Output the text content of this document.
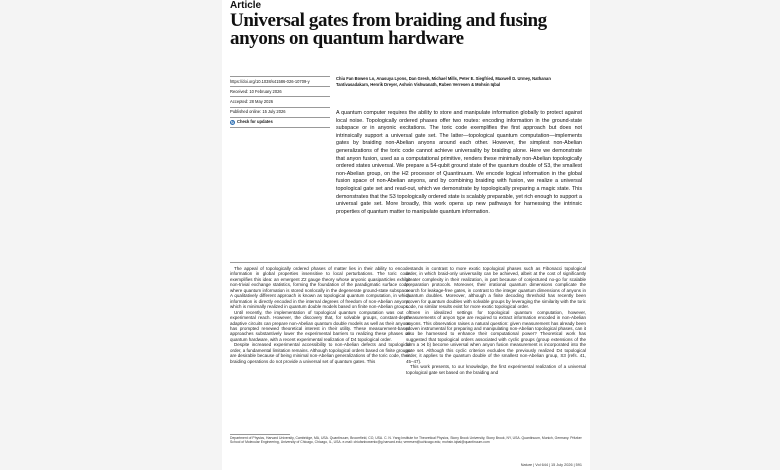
Article
Universal gates from braiding and fusing anyons on quantum hardware
https://doi.org/10.1038/s41586-026-10709-y
Received: 10 February 2026
Accepted: 28 May 2026
Published online: 15 July 2026
↻ Check for updates
Chiu Fan Bowen Lo, Anasuya Lyons, Dan Gresh, Michael Mills, Peter E. Siegfried, Maxwell D. Urmey, Nathanan Tantivasadakarn, Henrik Dreyer, Ashvin Vishwanath, Ruben Verresen & Mohsin Iqbal
A quantum computer requires the ability to store and manipulate information globally to protect against local noise. Topologically ordered phases offer two routes: encoding information in the ground-state subspace or in anyonic excitations. The toric code exemplifies the first approach but does not intrinsically support a universal gate set. The latter—topological quantum computation—implements gates by braiding non-Abelian anyons around each other. However, the simplest non-Abelian generalizations of the toric code cannot achieve universality by braiding alone. Here we demonstrate that anyon fusion, used as a computational primitive, renders these minimally non-Abelian topologically ordered states universal. We prepare a 54-qubit ground state of the quantum double of S3, the smallest non-Abelian group, on the H2 processor of Quantinuum. We encode logical information in the global fusion space of non-Abelian anyons, and by combining braiding with fusion, we realize a universal topological gate set and read-out, which we demonstrate by topologically preparing a magic state. This demonstrates that the S3 topologically ordered state is scalably preparable, yet rich enough to support a universal gate set. More broadly, this work opens up new pathways for harnessing the intrinsic properties of quantum matter to manipulate quantum information.

The appeal of topologically ordered phases of matter lies in their ability to encode information in global properties insensitive to local perturbations. The toric code exemplifies this idea: an emergent Z2 gauge theory whose anyonic quasiparticles exhibit non-trivial exchange statistics, forming the foundation of the paradigmatic surface code, where quantum information is stored nonlocally in the degenerate ground-state subspace. A qualitatively different approach is known as topological quantum computation, in which information is directly encoded in the internal degrees of freedom of non-Abelian anyons, which is minimally realized in quantum double models based on finite non-Abelian groups.

Until recently, the implementation of topological quantum computation was out of experimental reach. However, the discovery that, for solvable groups, constant-depth adaptive circuits can prepare non-Abelian quantum double models as well as their anyons has prompted renewed theoretical interest in their utility. These measurement-based approaches substantively lower the experimental barriers to realizing these phases on quantum hardware, with a recent experimental realization of D4 topological order.

Despite increased experimental accessibility to non-Abelian defects and topological order, a fundamental limitation remains. Although topological orders based on finite groups are desirable because of being minimal non-Abelian generalizations of the toric code, their braiding operations do not provide a universal set of quantum gates. This

stands in contrast to more exotic topological phases such as Fibonacci topological order, in which braid-only universality can be achieved, albeit at the cost of significantly greater complexity in their realization, in part because of conjectured no-go for scalable preparation protocols. Moreover, their irrational quantum dimensions complicate the search for leakage-free gates, in contrast to the integer quantum dimensions of anyons in quantum doubles. Moreover, although a finite decoding threshold has recently been proven for quantum doubles with solvable groups by leveraging the similarity with the toric code, no similar results exist for more exotic topological order.

Even in idealized settings for topological quantum computation, however, measurements of anyon type are required to extract information encoded in non-Abelian anyons. This observation raises a natural question: given measurement has already been proven instrumental for preparing and manipulating non-Abelian topological phases, can it also be harnessed to enhance their computational power? Theoretical work has suggested that topological orders associated with cyclic groups (group extensions of the form a ⋊ b) become universal when anyon fusion measurement is incorporated into the gate set. Although this cyclic criterion excludes the previously realized D4 topological order, it applies to the quantum double of the smallest non-Abelian group, S3 (refs. 41, 45–47).

This work presents, to our knowledge, the first experimental realization of a universal topological gate set based on the braiding and

Department of Physics, Harvard University, Cambridge, MA, USA. Quantinuum, Broomfield, CO, USA. C. N. Yang Institute for Theoretical Physics, Stony Brook University, Stony Brook, NY, USA. Quantinuum, Munich, Germany. Pritzker School of Molecular Engineering, University of Chicago, Chicago, IL, USA. e-mail: chiufanbowenlo@g.harvard.edu; verresen@uchicago.edu; mohsin.iqbal@quantinuum.com
Nature | Vol 644 | 15 July 2026 | 591
